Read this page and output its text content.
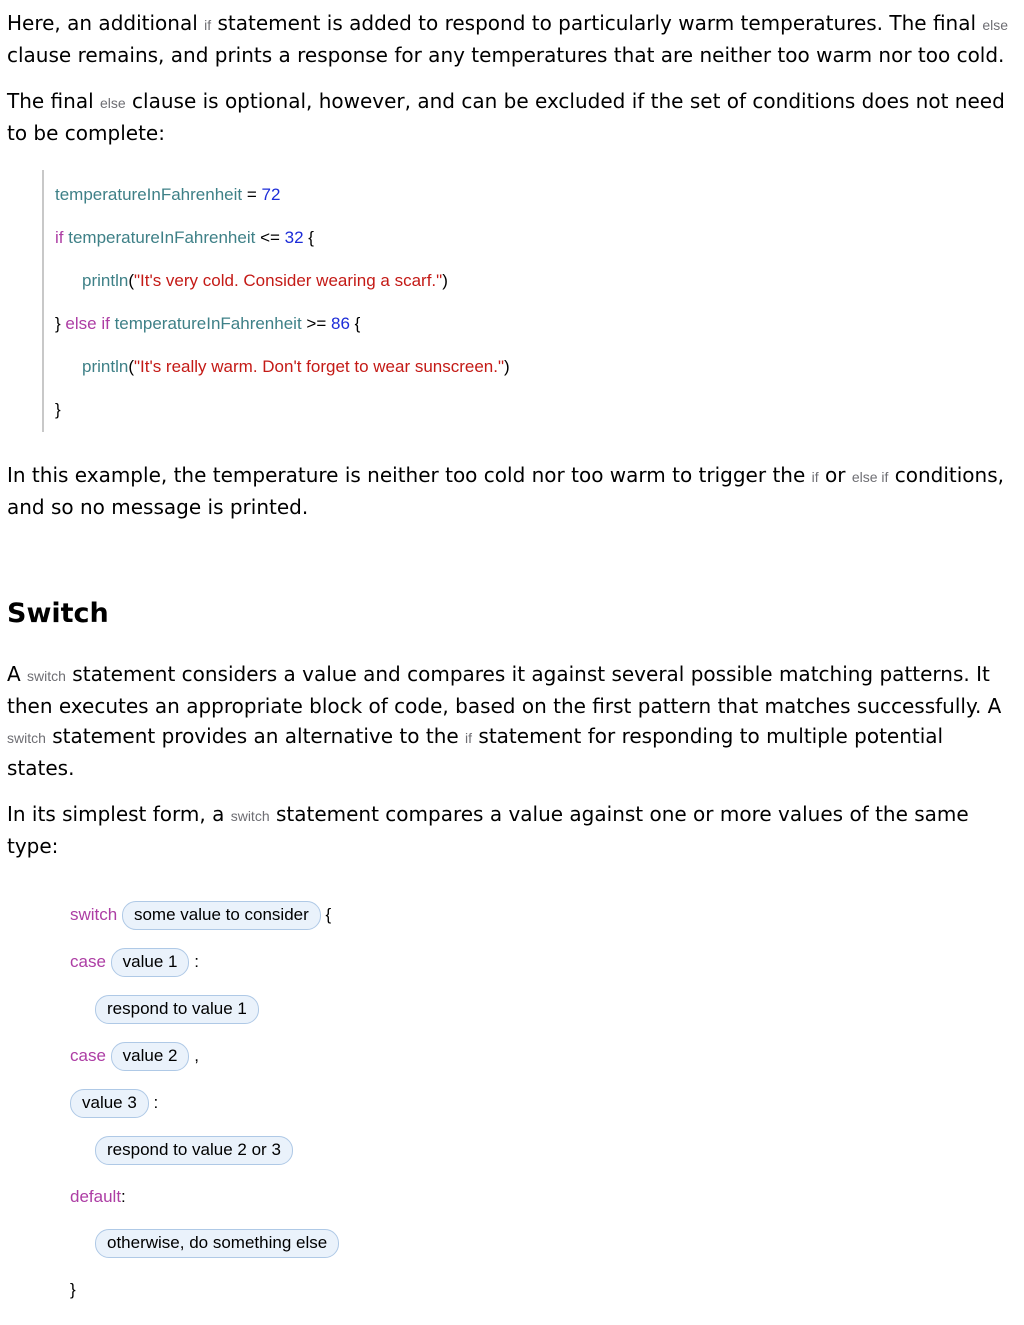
Here, an additional if statement is added to respond to particularly warm temperatures. The final else clause remains, and prints a response for any temperatures that are neither too warm nor too cold.

The final else clause is optional, however, and can be excluded if the set of conditions does not need to be complete:

temperatureInFahrenheit = 72
if temperatureInFahrenheit <= 32 {
println("It's very cold. Consider wearing a scarf.")
} else if temperatureInFahrenheit >= 86 {
println("It's really warm. Don't forget to wear sunscreen.")
}

In this example, the temperature is neither too cold nor too warm to trigger the if or else if conditions, and so no message is printed.

Switch

A switch statement considers a value and compares it against several possible matching patterns. It then executes an appropriate block of code, based on the first pattern that matches successfully. A switch statement provides an alternative to the if statement for responding to multiple potential states.

In its simplest form, a switch statement compares a value against one or more values of the same type:

switch some value to consider {
case value 1 :
respond to value 1
case value 2 ,
value 3 :
respond to value 2 or 3
default:
otherwise, do something else
}
